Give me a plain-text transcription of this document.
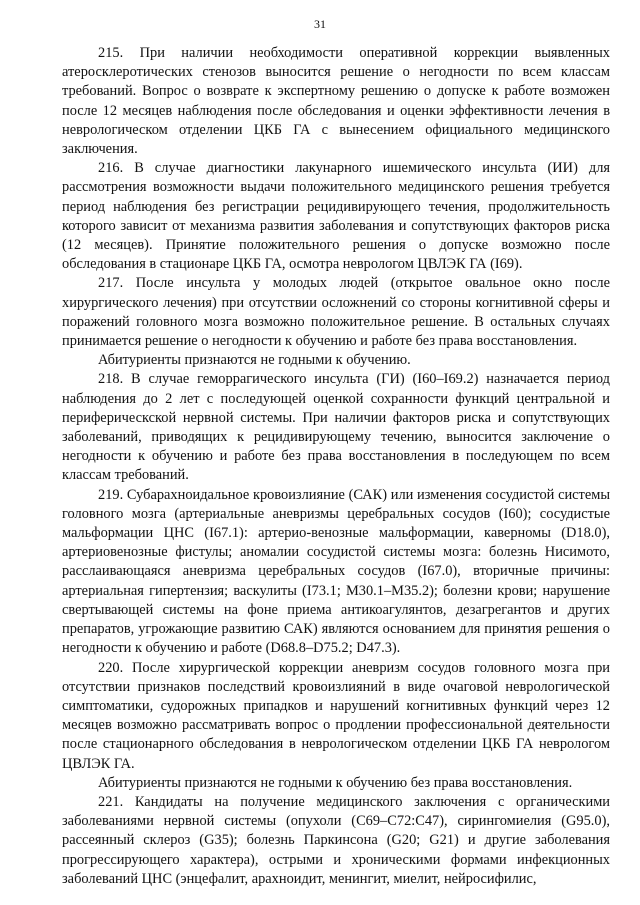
31

215. При наличии необходимости оперативной коррекции выявленных атеросклеротических стенозов выносится решение о негодности по всем классам требований. Вопрос о возврате к экспертному решению о допуске к работе возможен после 12 месяцев наблюдения после обследования и оценки эффективности лечения в неврологическом отделении ЦКБ ГА с вынесением официального медицинского заключения.

216. В случае диагностики лакунарного ишемического инсульта (ИИ) для рассмотрения возможности выдачи положительного медицинского решения требуется период наблюдения без регистрации рецидивирующего течения, продолжительность которого зависит от механизма развития заболевания и сопутствующих факторов риска (12 месяцев). Принятие положительного решения о допуске возможно после обследования в стационаре ЦКБ ГА, осмотра неврологом ЦВЛЭК ГА (I69).

217. После инсульта у молодых людей (открытое овальное окно после хирургического лечения) при отсутствии осложнений со стороны когнитивной сферы и поражений головного мозга возможно положительное решение. В остальных случаях принимается решение о негодности к обучению и работе без права восстановления.

Абитуриенты признаются не годными к обучению.

218. В случае геморрагического инсульта (ГИ) (I60–I69.2) назначается период наблюдения до 2 лет с последующей оценкой сохранности функций центральной и периферическской нервной системы. При наличии факторов риска и сопутствующих заболеваний, приводящих к рецидивирующему течению, выносится заключение о негодности к обучению и работе без права восстановления в последующем по всем классам требований.

219. Субарахноидальное кровоизлияние (САК) или изменения сосудистой системы головного мозга (артериальные аневризмы церебральных сосудов (I60); сосудистые мальформации ЦНС (I67.1): артерио-венозные мальформации, каверномы (D18.0), артериовенозные фистулы; аномалии сосудистой системы мозга: болезнь Нисимото, расслаивающаяся аневризма церебральных сосудов (I67.0), вторичные причины: артериальная гипертензия; васкулиты (I73.1; M30.1–M35.2); болезни крови; нарушение свертывающей системы на фоне приема антикоагулянтов, дезагрегантов и других препаратов, угрожающие развитию САК) являются основанием для принятия решения о негодности к обучению и работе (D68.8–D75.2; D47.3).

220. После хирургической коррекции аневризм сосудов головного мозга при отсутствии признаков последствий кровоизлияний в виде очаговой неврологической симптоматики, судорожных припадков и нарушений когнитивных функций через 12 месяцев возможно рассматривать вопрос о продлении профессиональной деятельности после стационарного обследования в неврологическом отделении ЦКБ ГА неврологом ЦВЛЭК ГА.

Абитуриенты признаются не годными к обучению без права восстановления.

221. Кандидаты на получение медицинского заключения с органическими заболеваниями нервной системы (опухоли (C69–C72:C47), сирингомиелия (G95.0), рассеянный склероз (G35); болезнь Паркинсона (G20; G21) и другие заболевания прогрессирующего характера), острыми и хроническими формами инфекционных заболеваний ЦНС (энцефалит, арахноидит, менингит, миелит, нейросифилис,
